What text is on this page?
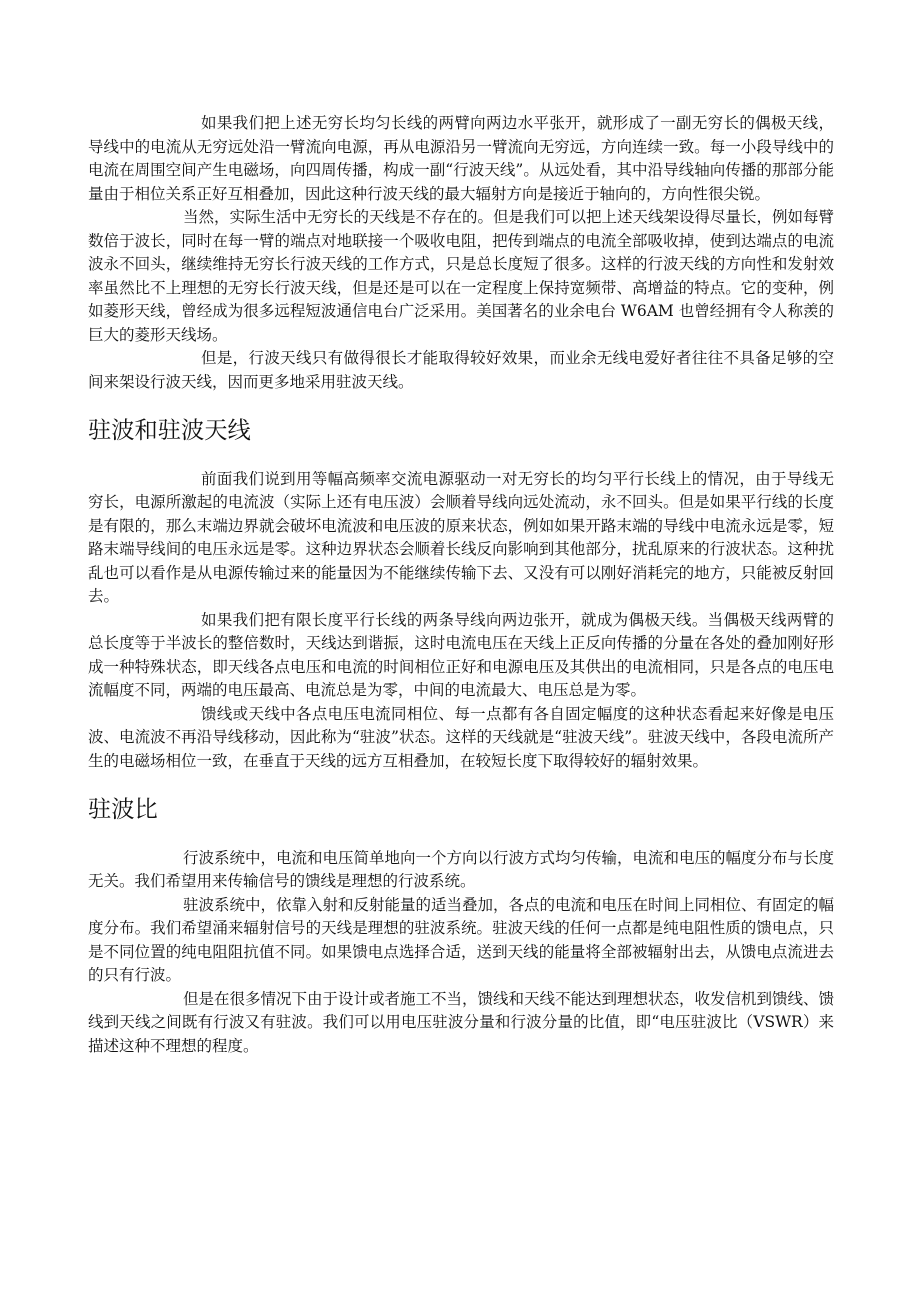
如果我们把上述无穷长均匀长线的两臂向两边水平张开，就形成了一副无穷长的偶极天线，导线中的电流从无穷远处沿一臂流向电源，再从电源沿另一臂流向无穷远，方向连续一致。每一小段导线中的电流在周围空间产生电磁场，向四周传播，构成一副“行波天线”。从远处看，其中沿导线轴向传播的那部分能量由于相位关系正好互相叠加，因此这种行波天线的最大辐射方向是接近于轴向的，方向性很尖锐。

当然，实际生活中无穷长的天线是不存在的。但是我们可以把上述天线架设得尽量长，例如每臂数倍于波长，同时在每一臂的端点对地联接一个吸收电阻，把传到端点的电流全部吸收掉，使到达端点的电流波永不回头，继续维持无穷长行波天线的工作方式，只是总长度短了很多。这样的行波天线的方向性和发射效率虽然比不上理想的无穷长行波天线，但是还是可以在一定程度上保持宽频带、高增益的特点。它的变种，例如菱形天线，曾经成为很多远程短波通信电台广泛采用。美国著名的业余电台 W6AM 也曾经拥有令人称羡的巨大的菱形天线场。

但是，行波天线只有做得很长才能取得较好效果，而业余无线电爱好者往往不具备足够的空间来架设行波天线，因而更多地采用驻波天线。

驻波和驻波天线

前面我们说到用等幅高频率交流电源驱动一对无穷长的均匀平行长线上的情况，由于导线无穷长，电源所激起的电流波（实际上还有电压波）会顺着导线向远处流动，永不回头。但是如果平行线的长度是有限的，那么末端边界就会破坏电流波和电压波的原来状态，例如如果开路末端的导线中电流永远是零，短路末端导线间的电压永远是零。这种边界状态会顺着长线反向影响到其他部分，扰乱原来的行波状态。这种扰乱也可以看作是从电源传输过来的能量因为不能继续传输下去、又没有可以刚好消耗完的地方，只能被反射回去。

如果我们把有限长度平行长线的两条导线向两边张开，就成为偶极天线。当偶极天线两臂的总长度等于半波长的整倍数时，天线达到谐振，这时电流电压在天线上正反向传播的分量在各处的叠加刚好形成一种特殊状态，即天线各点电压和电流的时间相位正好和电源电压及其供出的电流相同，只是各点的电压电流幅度不同，两端的电压最高、电流总是为零，中间的电流最大、电压总是为零。

馈线或天线中各点电压电流同相位、每一点都有各自固定幅度的这种状态看起来好像是电压波、电流波不再沿导线移动，因此称为“驻波”状态。这样的天线就是“驻波天线”。驻波天线中，各段电流所产生的电磁场相位一致，在垂直于天线的远方互相叠加，在较短长度下取得较好的辐射效果。

驻波比

行波系统中，电流和电压简单地向一个方向以行波方式均匀传输，电流和电压的幅度分布与长度无关。我们希望用来传输信号的馈线是理想的行波系统。

驻波系统中，依靠入射和反射能量的适当叠加，各点的电流和电压在时间上同相位、有固定的幅度分布。我们希望涌来辐射信号的天线是理想的驻波系统。驻波天线的任何一点都是纯电阻性质的馈电点，只是不同位置的纯电阻阻抗值不同。如果馈电点选择合适，送到天线的能量将全部被辐射出去，从馈电点流进去的只有行波。

但是在很多情况下由于设计或者施工不当，馈线和天线不能达到理想状态，收发信机到馈线、馈线到天线之间既有行波又有驻波。我们可以用电压驻波分量和行波分量的比值，即“电压驻波比（VSWR）来描述这种不理想的程度。
